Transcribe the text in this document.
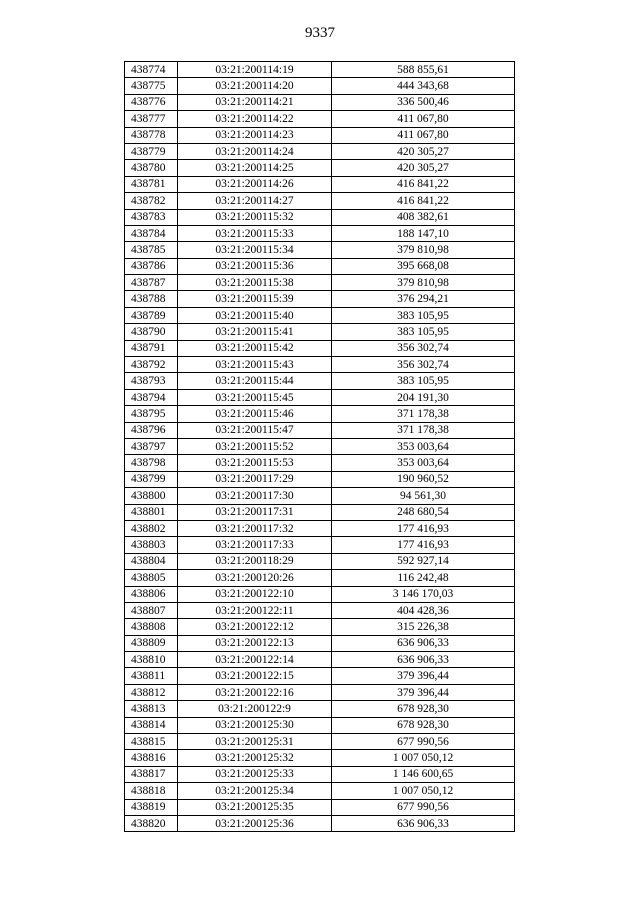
9337
438774	03:21:200114:19	588 855,61
438775	03:21:200114:20	444 343,68
438776	03:21:200114:21	336 500,46
438777	03:21:200114:22	411 067,80
438778	03:21:200114:23	411 067,80
438779	03:21:200114:24	420 305,27
438780	03:21:200114:25	420 305,27
438781	03:21:200114:26	416 841,22
438782	03:21:200114:27	416 841,22
438783	03:21:200115:32	408 382,61
438784	03:21:200115:33	188 147,10
438785	03:21:200115:34	379 810,98
438786	03:21:200115:36	395 668,08
438787	03:21:200115:38	379 810,98
438788	03:21:200115:39	376 294,21
438789	03:21:200115:40	383 105,95
438790	03:21:200115:41	383 105,95
438791	03:21:200115:42	356 302,74
438792	03:21:200115:43	356 302,74
438793	03:21:200115:44	383 105,95
438794	03:21:200115:45	204 191,30
438795	03:21:200115:46	371 178,38
438796	03:21:200115:47	371 178,38
438797	03:21:200115:52	353 003,64
438798	03:21:200115:53	353 003,64
438799	03:21:200117:29	190 960,52
438800	03:21:200117:30	94 561,30
438801	03:21:200117:31	248 680,54
438802	03:21:200117:32	177 416,93
438803	03:21:200117:33	177 416,93
438804	03:21:200118:29	592 927,14
438805	03:21:200120:26	116 242,48
438806	03:21:200122:10	3 146 170,03
438807	03:21:200122:11	404 428,36
438808	03:21:200122:12	315 226,38
438809	03:21:200122:13	636 906,33
438810	03:21:200122:14	636 906,33
438811	03:21:200122:15	379 396,44
438812	03:21:200122:16	379 396,44
438813	03:21:200122:9	678 928,30
438814	03:21:200125:30	678 928,30
438815	03:21:200125:31	677 990,56
438816	03:21:200125:32	1 007 050,12
438817	03:21:200125:33	1 146 600,65
438818	03:21:200125:34	1 007 050,12
438819	03:21:200125:35	677 990,56
438820	03:21:200125:36	636 906,33
